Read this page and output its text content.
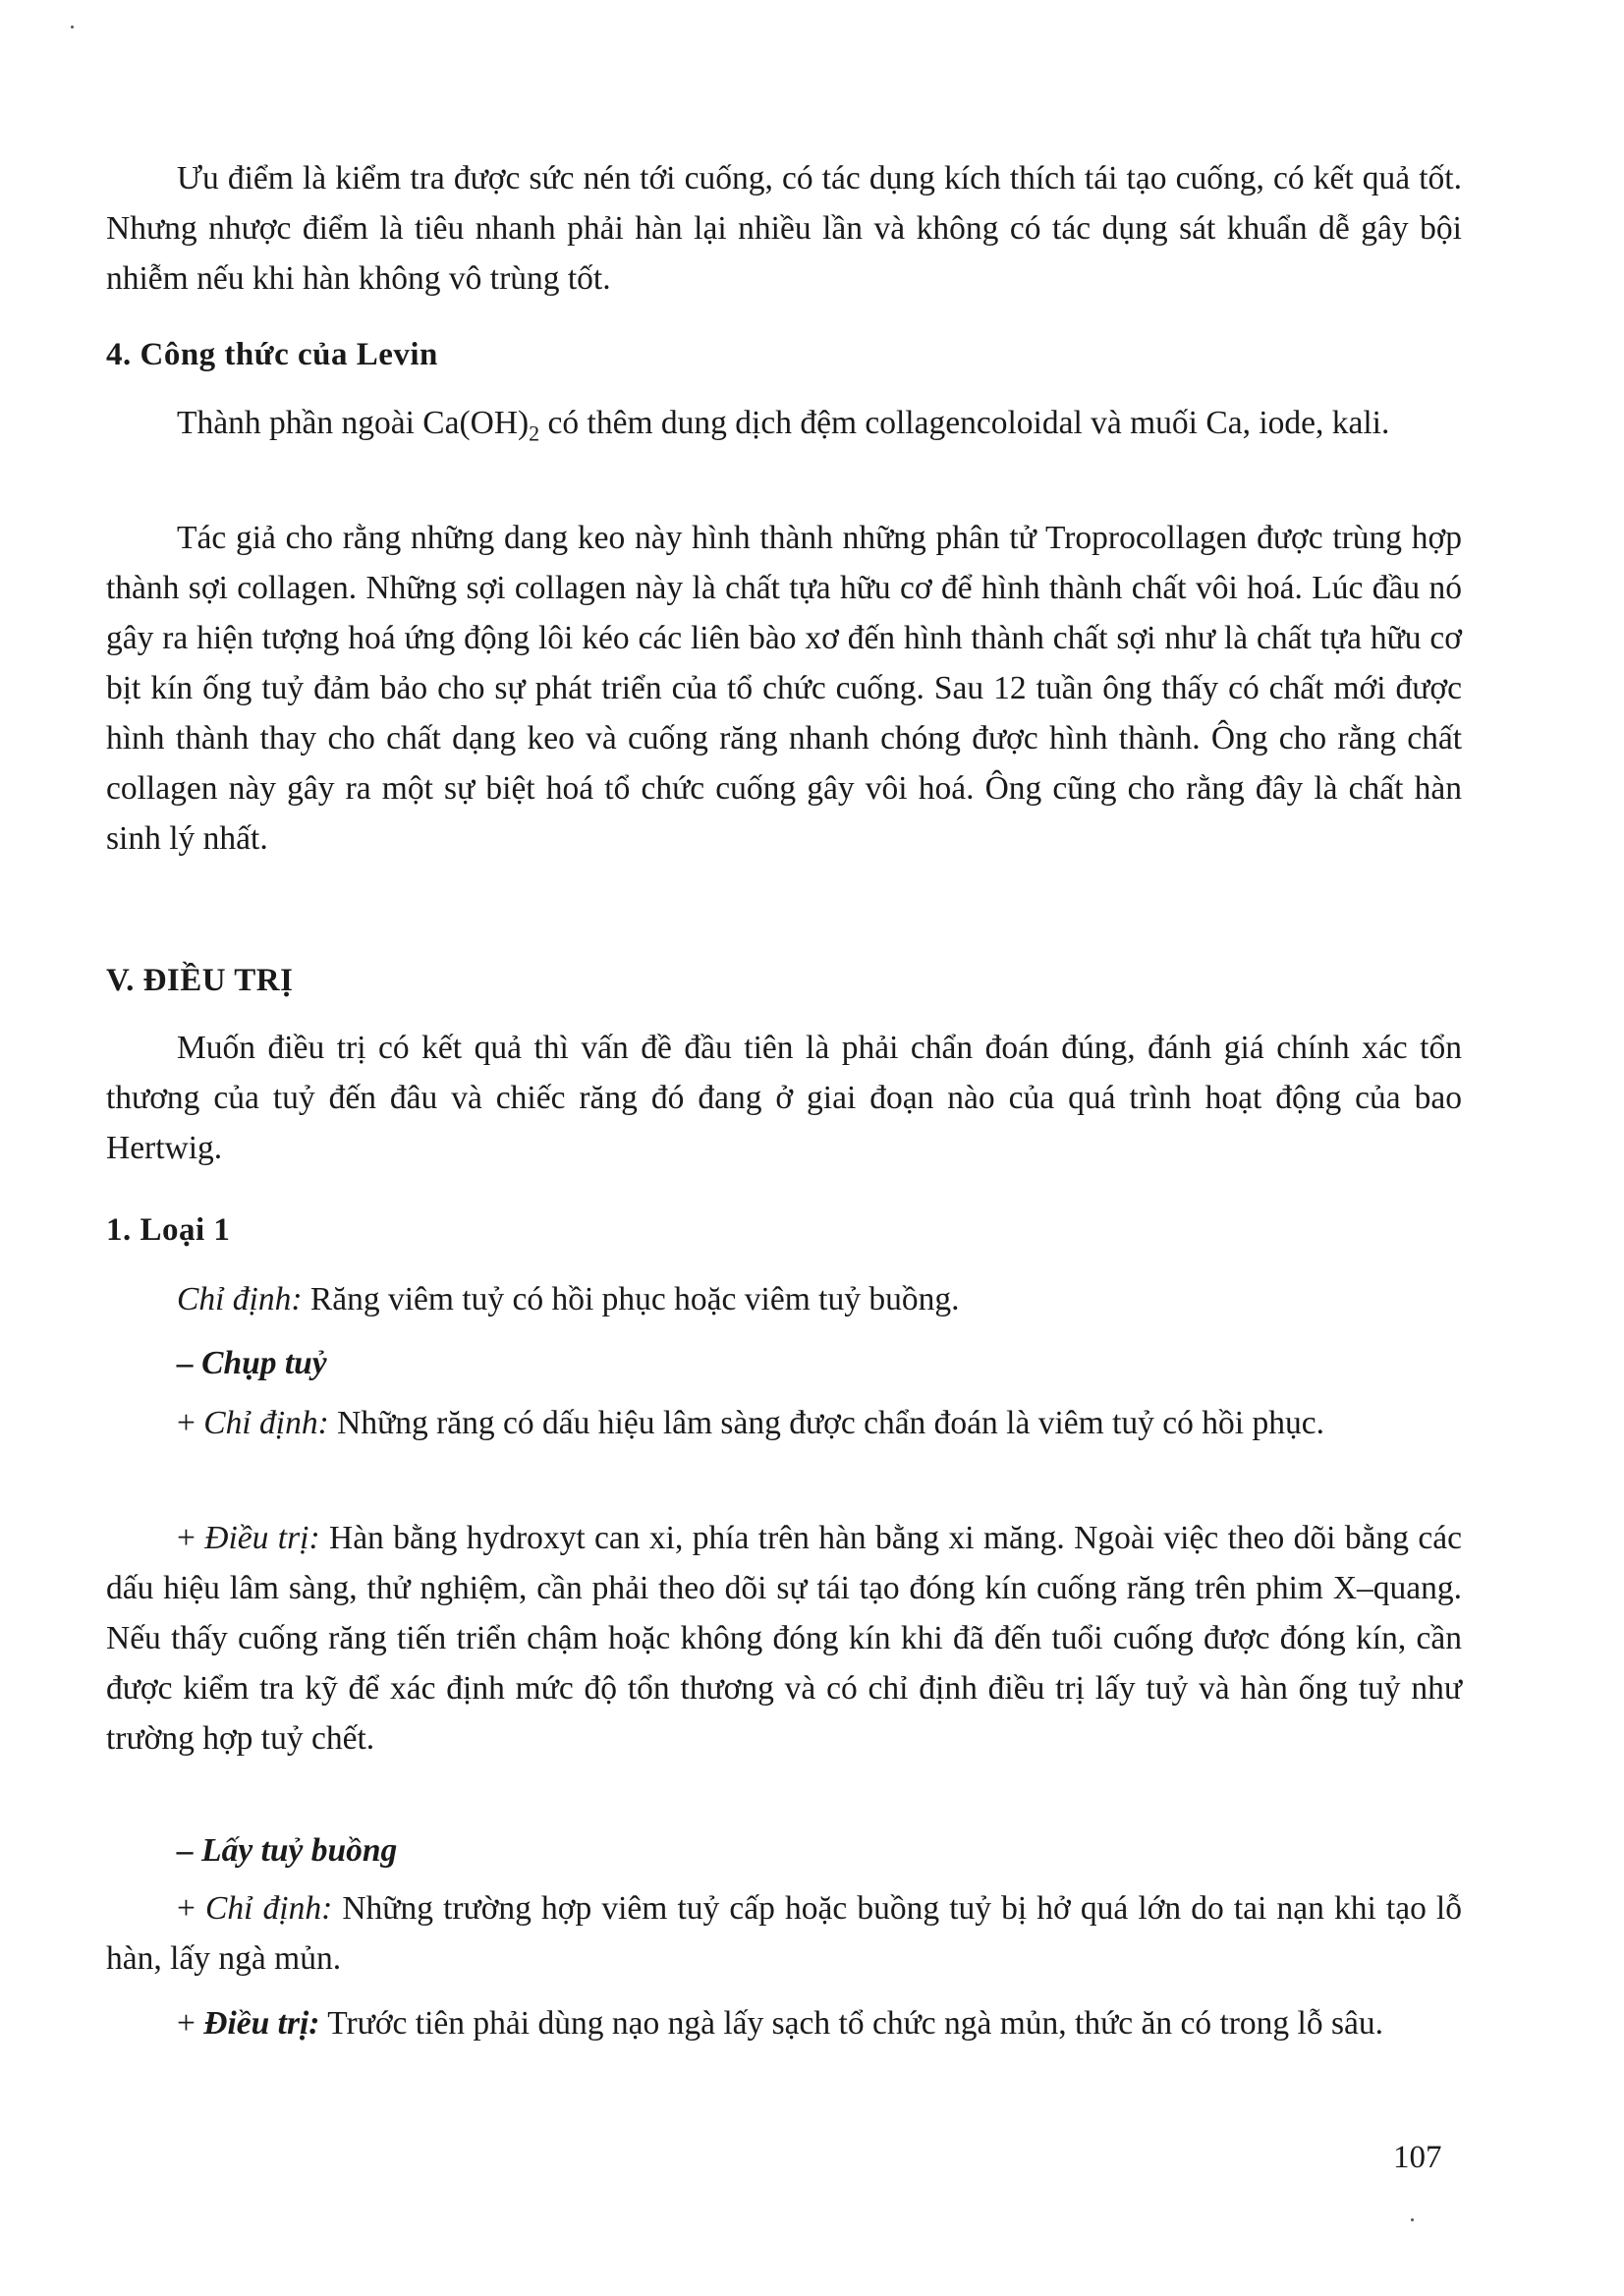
Ưu điểm là kiểm tra được sức nén tới cuống, có tác dụng kích thích tái tạo cuống, có kết quả tốt. Nhưng nhược điểm là tiêu nhanh phải hàn lại nhiều lần và không có tác dụng sát khuẩn dễ gây bội nhiễm nếu khi hàn không vô trùng tốt.

4. Công thức của Levin

Thành phần ngoài $Ca(OH)_2$ có thêm dung dịch đệm collagencoloidal và muối Ca, iode, kali.

Tác giả cho rằng những dang keo này hình thành những phân tử Troprocollagen được trùng hợp thành sợi collagen. Những sợi collagen này là chất tựa hữu cơ để hình thành chất vôi hoá. Lúc đầu nó gây ra hiện tượng hoá ứng động lôi kéo các liên bào xơ đến hình thành chất sợi như là chất tựa hữu cơ bịt kín ống tuỷ đảm bảo cho sự phát triển của tổ chức cuống. Sau 12 tuần ông thấy có chất mới được hình thành thay cho chất dạng keo và cuống răng nhanh chóng được hình thành. Ông cho rằng chất collagen này gây ra một sự biệt hoá tổ chức cuống gây vôi hoá. Ông cũng cho rằng đây là chất hàn sinh lý nhất.

V. ĐIỀU TRỊ

Muốn điều trị có kết quả thì vấn đề đầu tiên là phải chẩn đoán đúng, đánh giá chính xác tổn thương của tuỷ đến đâu và chiếc răng đó đang ở giai đoạn nào của quá trình hoạt động của bao Hertwig.

1. Loại 1

Chỉ định: Răng viêm tuỷ có hồi phục hoặc viêm tuỷ buồng.

– Chụp tuỷ

+ Chỉ định: Những răng có dấu hiệu lâm sàng được chẩn đoán là viêm tuỷ có hồi phục.

+ Điều trị: Hàn bằng hydroxyt can xi, phía trên hàn bằng xi măng. Ngoài việc theo dõi bằng các dấu hiệu lâm sàng, thử nghiệm, cần phải theo dõi sự tái tạo đóng kín cuống răng trên phim X–quang. Nếu thấy cuống răng tiến triển chậm hoặc không đóng kín khi đã đến tuổi cuống được đóng kín, cần được kiểm tra kỹ để xác định mức độ tổn thương và có chỉ định điều trị lấy tuỷ và hàn ống tuỷ như trường hợp tuỷ chết.

– Lấy tuỷ buồng

+ Chỉ định: Những trường hợp viêm tuỷ cấp hoặc buồng tuỷ bị hở quá lớn do tai nạn khi tạo lỗ hàn, lấy ngà mủn.

+ Điều trị: Trước tiên phải dùng nạo ngà lấy sạch tổ chức ngà mủn, thức ăn có trong lỗ sâu.

107
